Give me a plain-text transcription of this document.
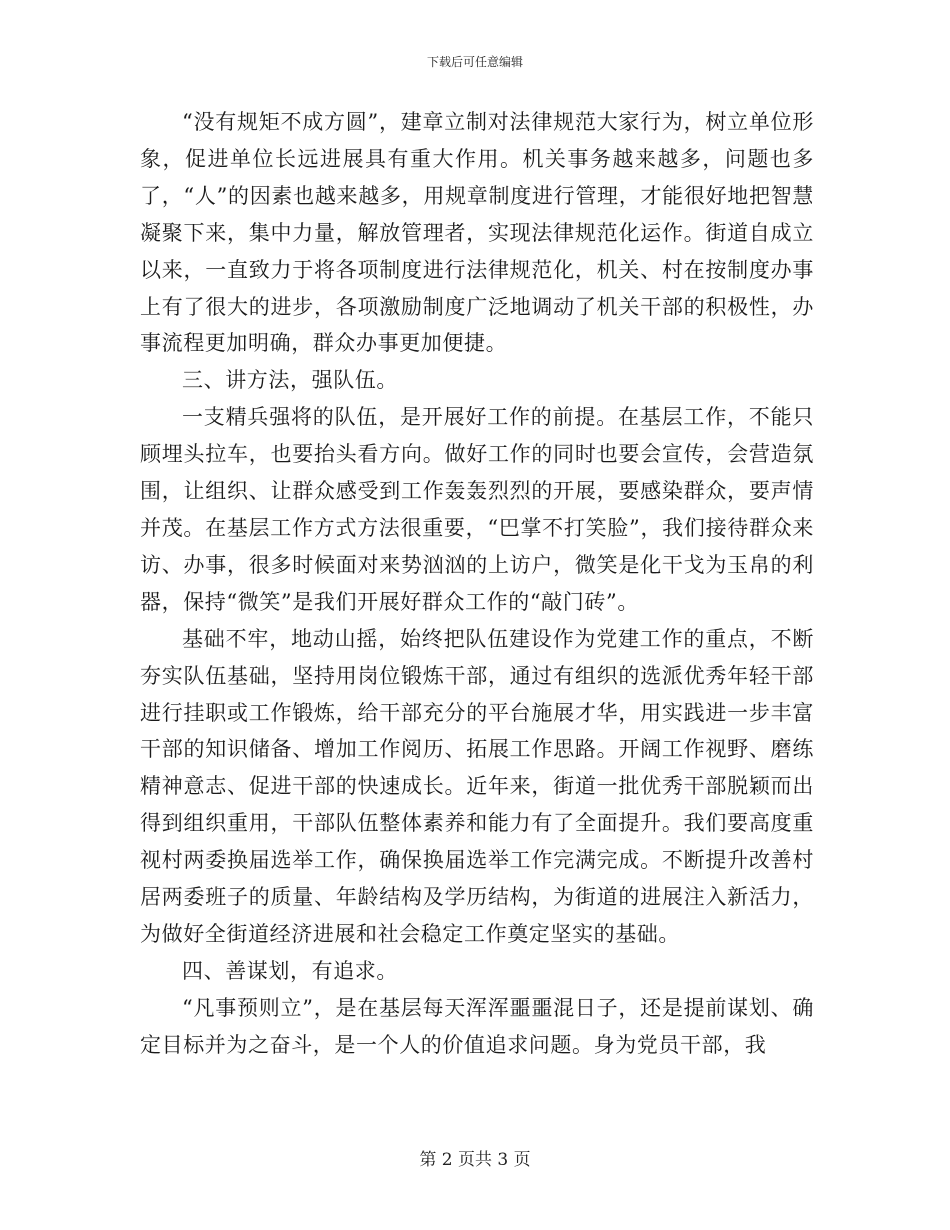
下载后可任意编辑

“没有规矩不成方圆”，建章立制对法律规范大家行为，树立单位形象，促进单位长远进展具有重大作用。机关事务越来越多，问题也多了，“人”的因素也越来越多，用规章制度进行管理，才能很好地把智慧凝聚下来，集中力量，解放管理者，实现法律规范化运作。街道自成立以来，一直致力于将各项制度进行法律规范化，机关、村在按制度办事上有了很大的进步，各项激励制度广泛地调动了机关干部的积极性，办事流程更加明确，群众办事更加便捷。

三、讲方法，强队伍。

一支精兵强将的队伍，是开展好工作的前提。在基层工作，不能只顾埋头拉车，也要抬头看方向。做好工作的同时也要会宣传，会营造氛围，让组织、让群众感受到工作轰轰烈烈的开展，要感染群众，要声情并茂。在基层工作方式方法很重要，“巴掌不打笑脸”，我们接待群众来访、办事，很多时候面对来势汹汹的上访户，微笑是化干戈为玉帛的利器，保持“微笑”是我们开展好群众工作的“敲门砖”。

基础不牢，地动山摇，始终把队伍建设作为党建工作的重点，不断夯实队伍基础，坚持用岗位锻炼干部，通过有组织的选派优秀年轻干部进行挂职或工作锻炼，给干部充分的平台施展才华，用实践进一步丰富干部的知识储备、增加工作阅历、拓展工作思路。开阔工作视野、磨练精神意志、促进干部的快速成长。近年来，街道一批优秀干部脱颖而出得到组织重用，干部队伍整体素养和能力有了全面提升。我们要高度重视村两委换届选举工作，确保换届选举工作完满完成。不断提升改善村居两委班子的质量、年龄结构及学历结构，为街道的进展注入新活力，为做好全街道经济进展和社会稳定工作奠定坚实的基础。

四、善谋划，有追求。

“凡事预则立”，是在基层每天浑浑噩噩混日子，还是提前谋划、确定目标并为之奋斗，是一个人的价值追求问题。身为党员干部，我

第 2 页共 3 页
